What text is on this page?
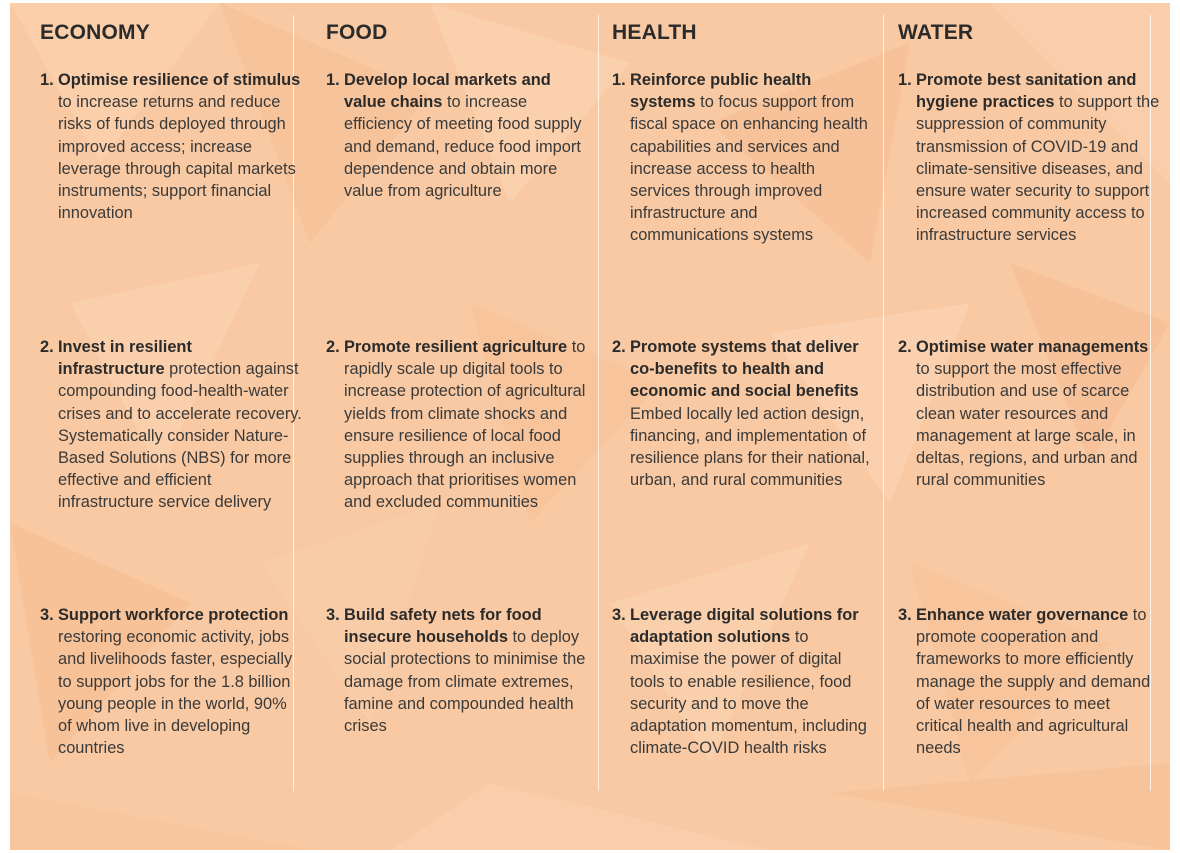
ECONOMY
1. Optimise resilience of stimulus to increase returns and reduce risks of funds deployed through improved access; increase leverage through capital markets instruments; support financial innovation
2. Invest in resilient infrastructure protection against compounding food-health-water crises and to accelerate recovery. Systematically consider Nature-Based Solutions (NBS) for more effective and efficient infrastructure service delivery
3. Support workforce protection restoring economic activity, jobs and livelihoods faster, especially to support jobs for the 1.8 billion young people in the world, 90% of whom live in developing countries
FOOD
1. Develop local markets and value chains to increase efficiency of meeting food supply and demand, reduce food import dependence and obtain more value from agriculture
2. Promote resilient agriculture to rapidly scale up digital tools to increase protection of agricultural yields from climate shocks and ensure resilience of local food supplies through an inclusive approach that prioritises women and excluded communities
3. Build safety nets for food insecure households to deploy social protections to minimise the damage from climate extremes, famine and compounded health crises
HEALTH
1. Reinforce public health systems to focus support from fiscal space on enhancing health capabilities and services and increase access to health services through improved infrastructure and communications systems
2. Promote systems that deliver co-benefits to health and economic and social benefits Embed locally led action design, financing, and implementation of resilience plans for their national, urban, and rural communities
3. Leverage digital solutions for adaptation solutions to maximise the power of digital tools to enable resilience, food security and to move the adaptation momentum, including climate-COVID health risks
WATER
1. Promote best sanitation and hygiene practices to support the suppression of community transmission of COVID-19 and climate-sensitive diseases, and ensure water security to support increased community access to infrastructure services
2. Optimise water managements to support the most effective distribution and use of scarce clean water resources and management at large scale, in deltas, regions, and urban and rural communities
3. Enhance water governance to promote cooperation and frameworks to more efficiently manage the supply and demand of water resources to meet critical health and agricultural needs
